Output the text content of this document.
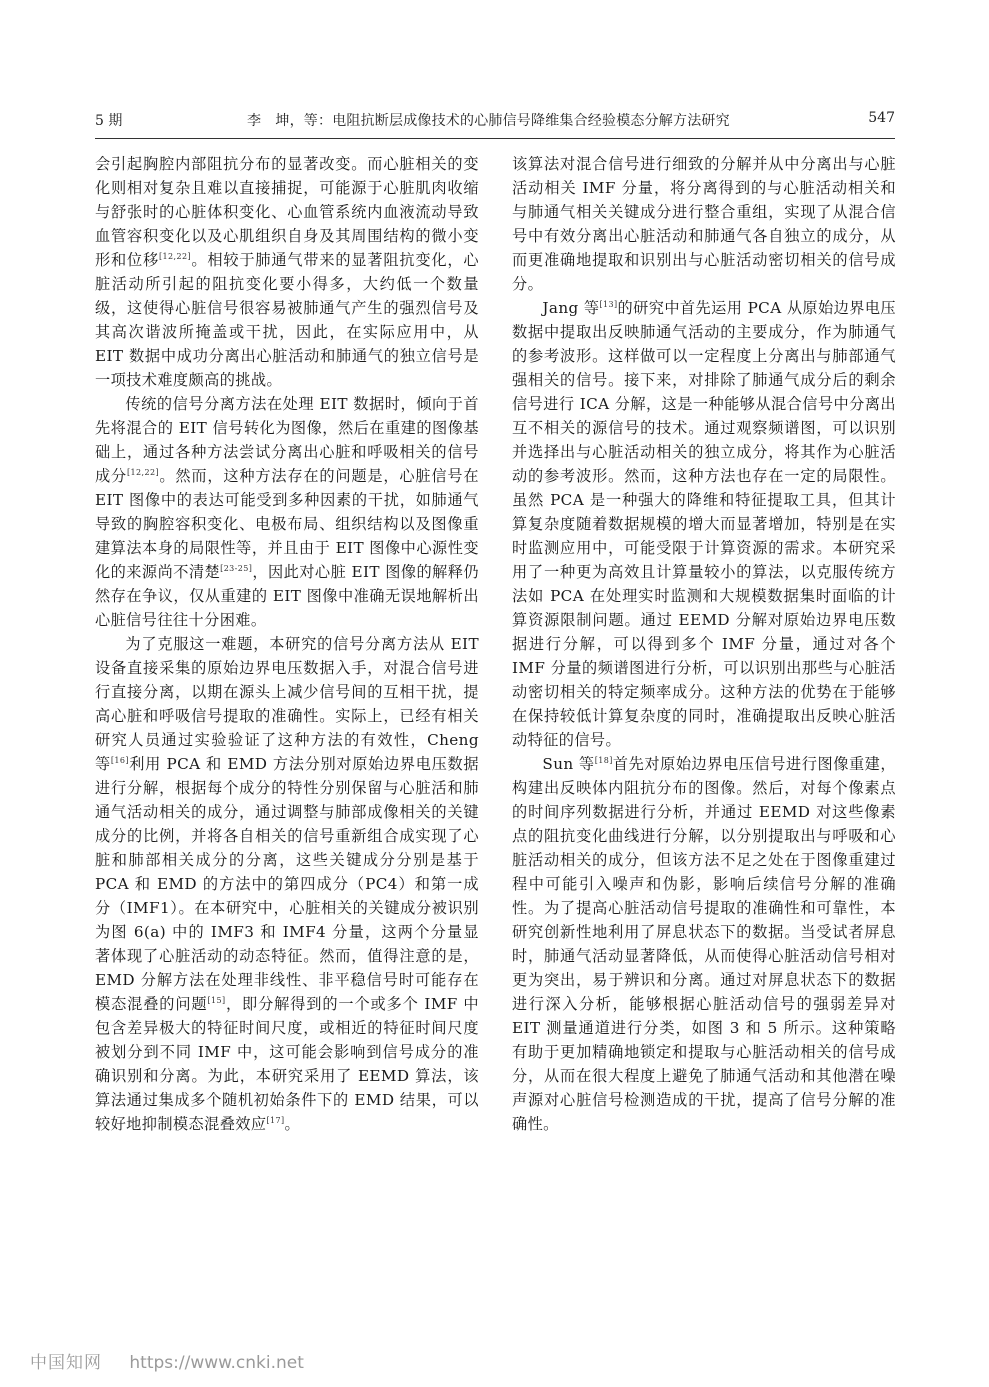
5 期	李　坤，等：电阻抗断层成像技术的心肺信号降维集合经验模态分解方法研究	547

会引起胸腔内部阻抗分布的显著改变。而心脏相关的变化则相对复杂且难以直接捕捉，可能源于心脏肌肉收缩与舒张时的心脏体积变化、心血管系统内血液流动导致血管容积变化以及心肌组织自身及其周围结构的微小变形和位移[12,22]。相较于肺通气带来的显著阻抗变化，心脏活动所引起的阻抗变化要小得多，大约低一个数量级，这使得心脏信号很容易被肺通气产生的强烈信号及其高次谐波所掩盖或干扰，因此，在实际应用中，从 EIT 数据中成功分离出心脏活动和肺通气的独立信号是一项技术难度颇高的挑战。

传统的信号分离方法在处理 EIT 数据时，倾向于首先将混合的 EIT 信号转化为图像，然后在重建的图像基础上，通过各种方法尝试分离出心脏和呼吸相关的信号成分[12,22]。然而，这种方法存在的问题是，心脏信号在 EIT 图像中的表达可能受到多种因素的干扰，如肺通气导致的胸腔容积变化、电极布局、组织结构以及图像重建算法本身的局限性等，并且由于 EIT 图像中心源性变化的来源尚不清楚[23-25]，因此对心脏 EIT 图像的解释仍然存在争议，仅从重建的 EIT 图像中准确无误地解析出心脏信号往往十分困难。

为了克服这一难题，本研究的信号分离方法从 EIT 设备直接采集的原始边界电压数据入手，对混合信号进行直接分离，以期在源头上减少信号间的互相干扰，提高心脏和呼吸信号提取的准确性。实际上，已经有相关研究人员通过实验验证了这种方法的有效性，Cheng 等[16]利用 PCA 和 EMD 方法分别对原始边界电压数据进行分解，根据每个成分的特性分别保留与心脏活和肺通气活动相关的成分，通过调整与肺部成像相关的关键成分的比例，并将各自相关的信号重新组合成实现了心脏和肺部相关成分的分离，这些关键成分分别是基于 PCA 和 EMD 的方法中的第四成分（PC4）和第一成分（IMF1）。在本研究中，心脏相关的关键成分被识别为图 6(a) 中的 IMF3 和 IMF4 分量，这两个分量显著体现了心脏活动的动态特征。然而，值得注意的是，EMD 分解方法在处理非线性、非平稳信号时可能存在模态混叠的问题[15]，即分解得到的一个或多个 IMF 中包含差异极大的特征时间尺度，或相近的特征时间尺度被划分到不同 IMF 中，这可能会影响到信号成分的准确识别和分离。为此，本研究采用了 EEMD 算法，该算法通过集成多个随机初始条件下的 EMD 结果，可以较好地抑制模态混叠效应[17]。

该算法对混合信号进行细致的分解并从中分离出与心脏活动相关 IMF 分量，将分离得到的与心脏活动相关和与肺通气相关关键成分进行整合重组，实现了从混合信号中有效分离出心脏活动和肺通气各自独立的成分，从而更准确地提取和识别出与心脏活动密切相关的信号成分。

Jang 等[13]的研究中首先运用 PCA 从原始边界电压数据中提取出反映肺通气活动的主要成分，作为肺通气的参考波形。这样做可以一定程度上分离出与肺部通气强相关的信号。接下来，对排除了肺通气成分后的剩余信号进行 ICA 分解，这是一种能够从混合信号中分离出互不相关的源信号的技术。通过观察频谱图，可以识别并选择出与心脏活动相关的独立成分，将其作为心脏活动的参考波形。然而，这种方法也存在一定的局限性。虽然 PCA 是一种强大的降维和特征提取工具，但其计算复杂度随着数据规模的增大而显著增加，特别是在实时监测应用中，可能受限于计算资源的需求。本研究采用了一种更为高效且计算量较小的算法，以克服传统方法如 PCA 在处理实时监测和大规模数据集时面临的计算资源限制问题。通过 EEMD 分解对原始边界电压数据进行分解，可以得到多个 IMF 分量，通过对各个 IMF 分量的频谱图进行分析，可以识别出那些与心脏活动密切相关的特定频率成分。这种方法的优势在于能够在保持较低计算复杂度的同时，准确提取出反映心脏活动特征的信号。

Sun 等[18]首先对原始边界电压信号进行图像重建，构建出反映体内阻抗分布的图像。然后，对每个像素点的时间序列数据进行分析，并通过 EEMD 对这些像素点的阻抗变化曲线进行分解，以分别提取出与呼吸和心脏活动相关的成分，但该方法不足之处在于图像重建过程中可能引入噪声和伪影，影响后续信号分解的准确性。为了提高心脏活动信号提取的准确性和可靠性，本研究创新性地利用了屏息状态下的数据。当受试者屏息时，肺通气活动显著降低，从而使得心脏活动信号相对更为突出，易于辨识和分离。通过对屏息状态下的数据进行深入分析，能够根据心脏活动信号的强弱差异对 EIT 测量通道进行分类，如图 3 和 5 所示。这种策略有助于更加精确地锁定和提取与心脏活动相关的信号成分，从而在很大程度上避免了肺通气活动和其他潜在噪声源对心脏信号检测造成的干扰，提高了信号分解的准确性。

中国知网 https://www.cnki.net
